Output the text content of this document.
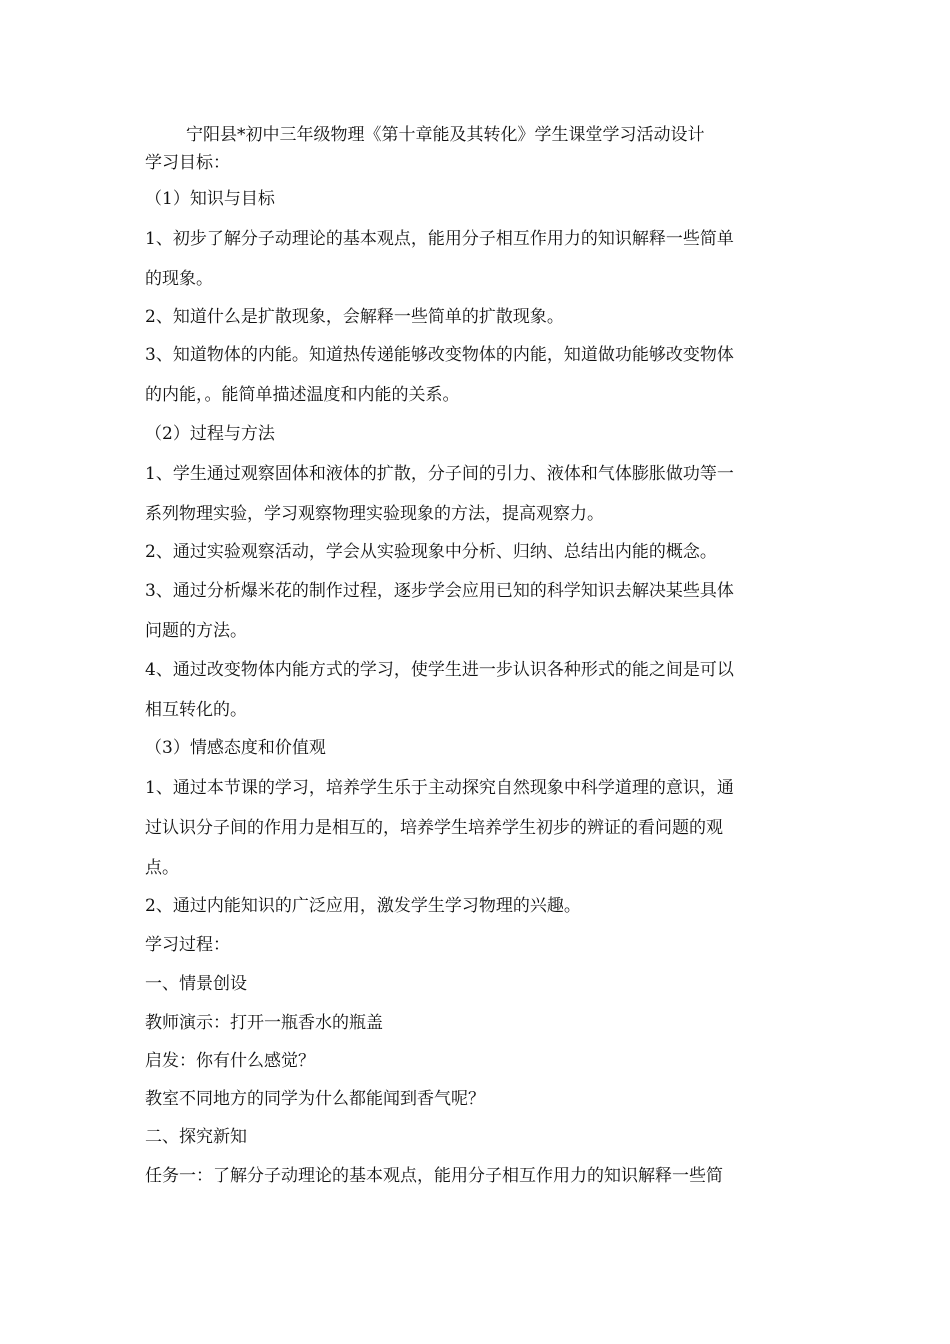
宁阳县*初中三年级物理《第十章能及其转化》学生课堂学习活动设计
学习目标：
（1）知识与目标
1、初步了解分子动理论的基本观点，能用分子相互作用力的知识解释一些简单
的现象。
2、知道什么是扩散现象，会解释一些简单的扩散现象。
3、知道物体的内能。知道热传递能够改变物体的内能，知道做功能够改变物体
的内能，。能简单描述温度和内能的关系。
（2）过程与方法
1、学生通过观察固体和液体的扩散，分子间的引力、液体和气体膨胀做功等一
系列物理实验，学习观察物理实验现象的方法，提高观察力。
2、通过实验观察活动，学会从实验现象中分析、归纳、总结出内能的概念。
3、通过分析爆米花的制作过程，逐步学会应用已知的科学知识去解决某些具体
问题的方法。
4、通过改变物体内能方式的学习，使学生进一步认识各种形式的能之间是可以
相互转化的。
（3）情感态度和价值观
1、通过本节课的学习，培养学生乐于主动探究自然现象中科学道理的意识，通
过认识分子间的作用力是相互的，培养学生培养学生初步的辨证的看问题的观
点。
2、通过内能知识的广泛应用，激发学生学习物理的兴趣。
学习过程：
一、情景创设
教师演示：打开一瓶香水的瓶盖
启发：你有什么感觉？
教室不同地方的同学为什么都能闻到香气呢？
二、探究新知
任务一：了解分子动理论的基本观点，能用分子相互作用力的知识解释一些简
